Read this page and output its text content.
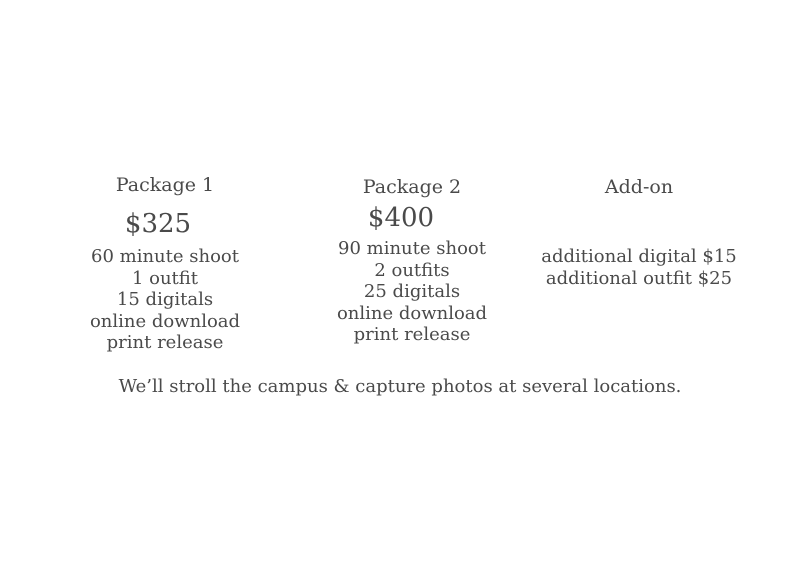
Package 1
$325
60 minute shoot
1 outfit
15 digitals
online download
print release
Package 2
$400
90 minute shoot
2 outfits
25 digitals
online download
print release
Add-on
additional digital $15
additional outfit $25
We’ll stroll the campus & capture photos at several locations.
